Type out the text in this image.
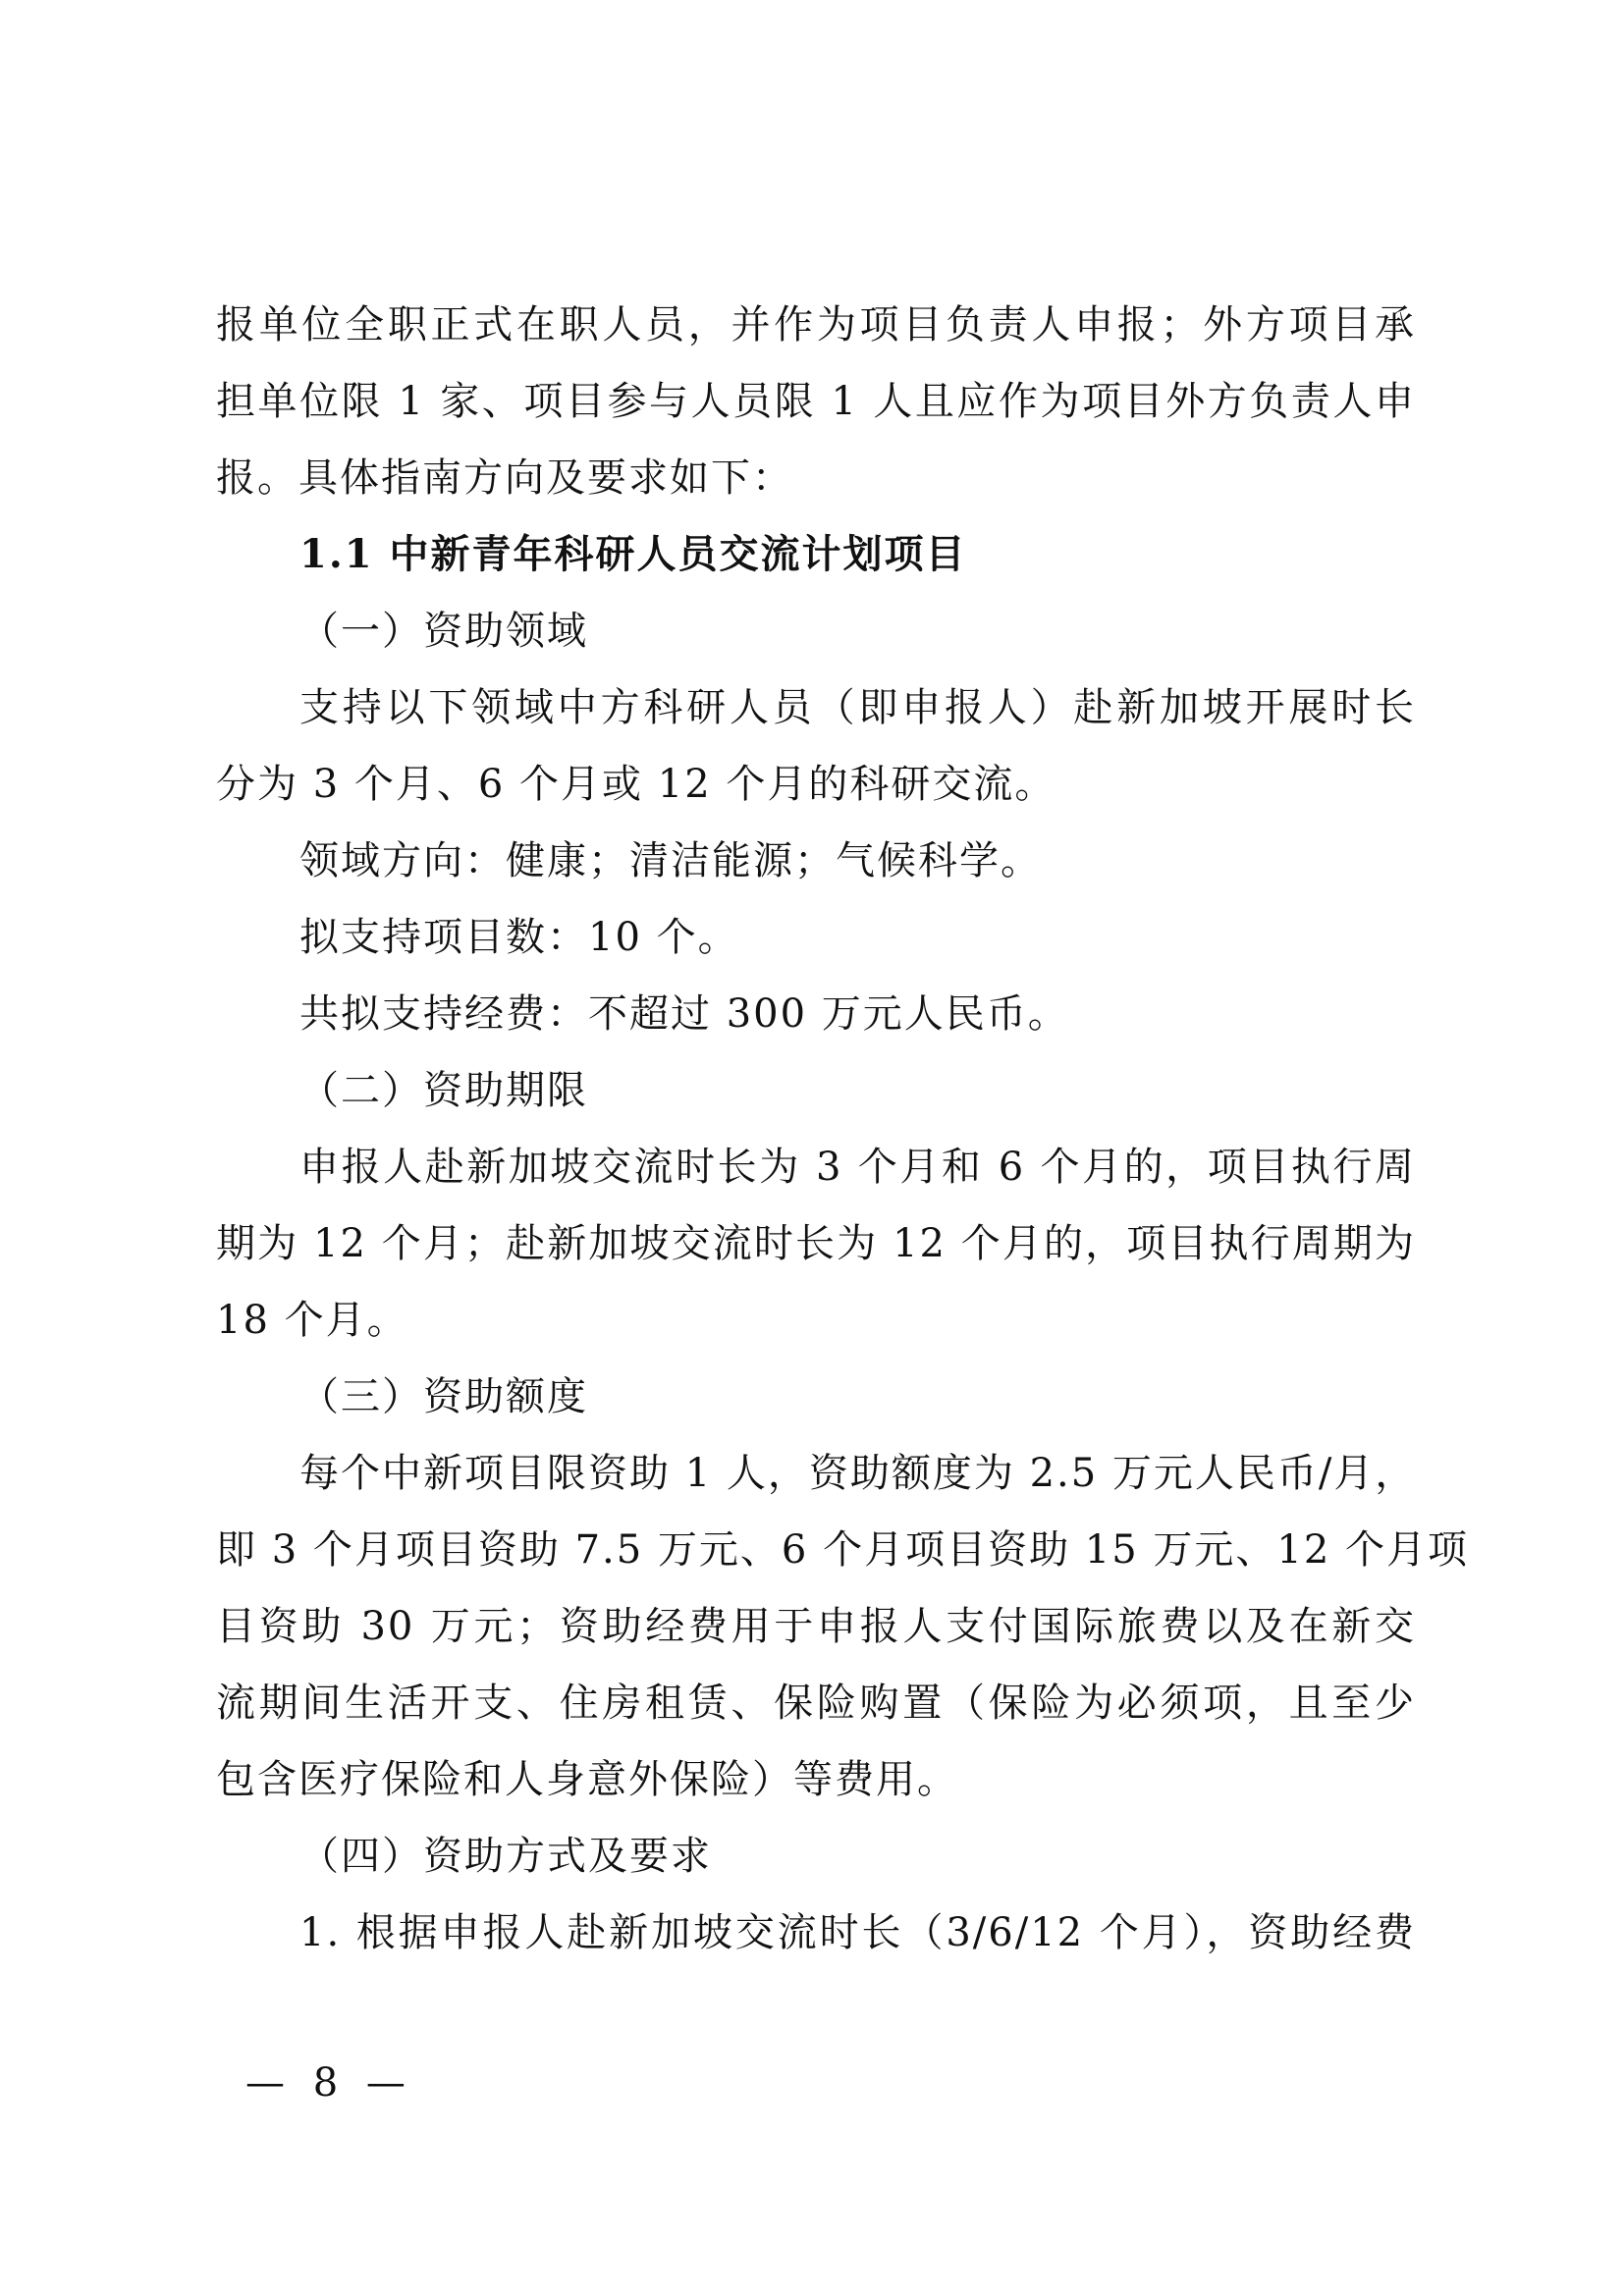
报单位全职正式在职人员，并作为项目负责人申报；外方项目承
担单位限 1 家、项目参与人员限 1 人且应作为项目外方负责人申
报。具体指南方向及要求如下：
1.1 中新青年科研人员交流计划项目
（一）资助领域
支持以下领域中方科研人员（即申报人）赴新加坡开展时长
分为 3 个月、6 个月或 12 个月的科研交流。
领域方向：健康；清洁能源；气候科学。
拟支持项目数：10 个。
共拟支持经费：不超过 300 万元人民币。
（二）资助期限
申报人赴新加坡交流时长为 3 个月和 6 个月的，项目执行周
期为 12 个月；赴新加坡交流时长为 12 个月的，项目执行周期为
18 个月。
（三）资助额度
每个中新项目限资助 1 人，资助额度为 2.5 万元人民币/月，
即 3 个月项目资助 7.5 万元、6 个月项目资助 15 万元、12 个月项
目资助 30 万元；资助经费用于申报人支付国际旅费以及在新交
流期间生活开支、住房租赁、保险购置（保险为必须项，且至少
包含医疗保险和人身意外保险）等费用。
（四）资助方式及要求
1. 根据申报人赴新加坡交流时长（3/6/12 个月），资助经费
— 8 —
